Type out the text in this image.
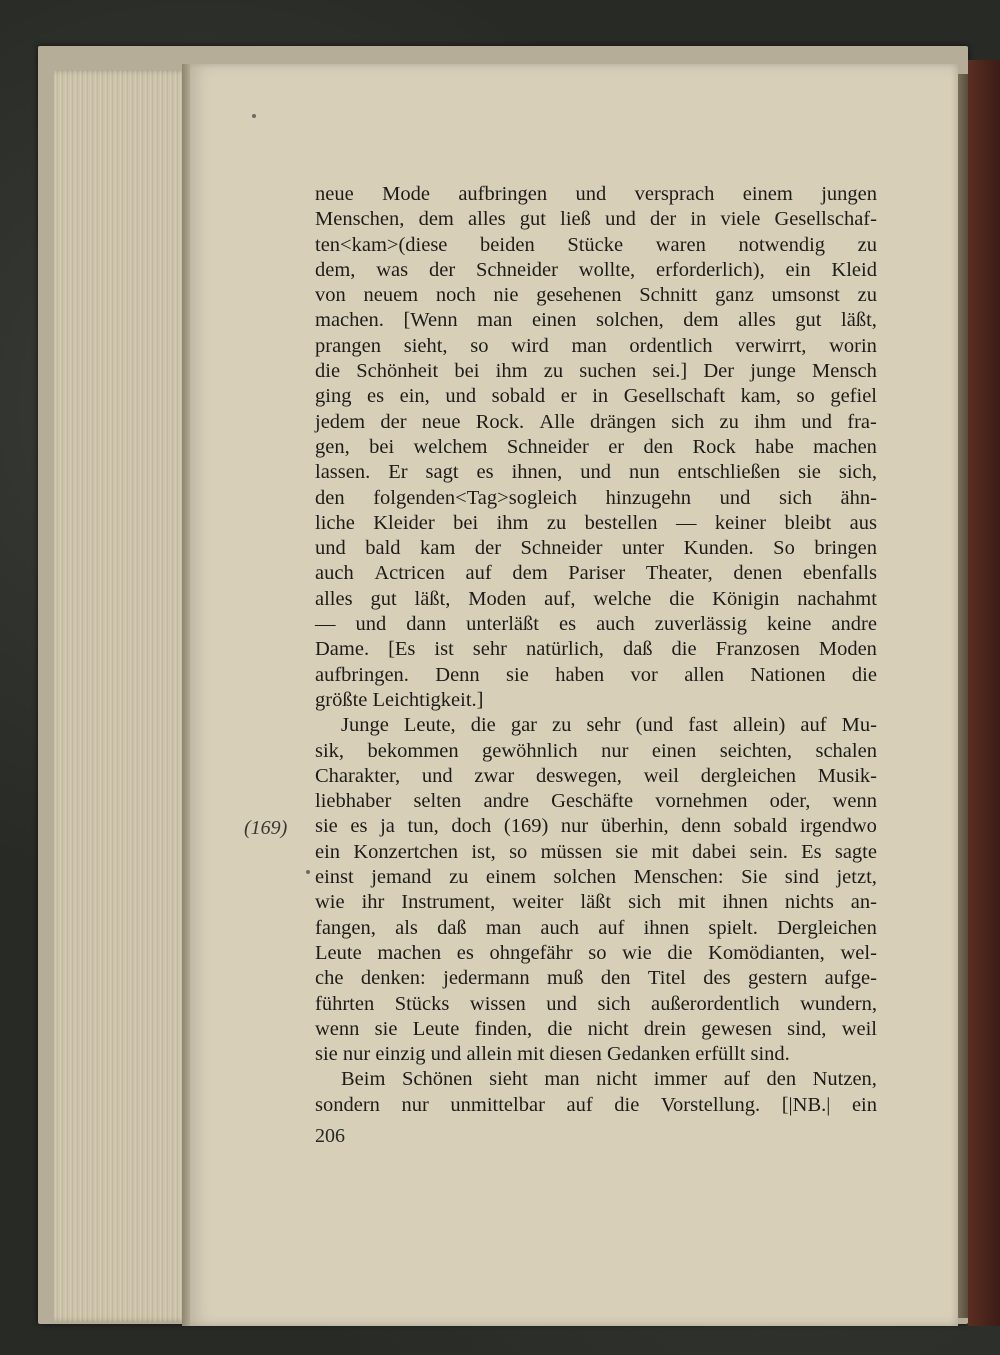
neue Mode aufbringen und versprach einem jungen
Menschen, dem alles gut ließ und der in viele Gesellschaf-
ten<kam>(diese beiden Stücke waren notwendig zu
dem, was der Schneider wollte, erforderlich), ein Kleid
von neuem noch nie gesehenen Schnitt ganz umsonst zu
machen. [Wenn man einen solchen, dem alles gut läßt,
prangen sieht, so wird man ordentlich verwirrt, worin
die Schönheit bei ihm zu suchen sei.] Der junge Mensch
ging es ein, und sobald er in Gesellschaft kam, so gefiel
jedem der neue Rock. Alle drängen sich zu ihm und fra-
gen, bei welchem Schneider er den Rock habe machen
lassen. Er sagt es ihnen, und nun entschließen sie sich,
den folgenden<Tag>sogleich hinzugehn und sich ähn-
liche Kleider bei ihm zu bestellen — keiner bleibt aus
und bald kam der Schneider unter Kunden. So bringen
auch Actricen auf dem Pariser Theater, denen ebenfalls
alles gut läßt, Moden auf, welche die Königin nachahmt
— und dann unterläßt es auch zuverlässig keine andre
Dame. [Es ist sehr natürlich, daß die Franzosen Moden
aufbringen. Denn sie haben vor allen Nationen die
größte Leichtigkeit.]
Junge Leute, die gar zu sehr (und fast allein) auf Mu-
sik, bekommen gewöhnlich nur einen seichten, schalen
Charakter, und zwar deswegen, weil dergleichen Musik-
liebhaber selten andre Geschäfte vornehmen oder, wenn
sie es ja tun, doch (169) nur überhin, denn sobald irgendwo
ein Konzertchen ist, so müssen sie mit dabei sein. Es sagte
einst jemand zu einem solchen Menschen: Sie sind jetzt,
wie ihr Instrument, weiter läßt sich mit ihnen nichts an-
fangen, als daß man auch auf ihnen spielt. Dergleichen
Leute machen es ohngefähr so wie die Komödianten, wel-
che denken: jedermann muß den Titel des gestern aufge-
führten Stücks wissen und sich außerordentlich wundern,
wenn sie Leute finden, die nicht drein gewesen sind, weil
sie nur einzig und allein mit diesen Gedanken erfüllt sind.
Beim Schönen sieht man nicht immer auf den Nutzen,
sondern nur unmittelbar auf die Vorstellung. [|NB.| ein
(169)
206
